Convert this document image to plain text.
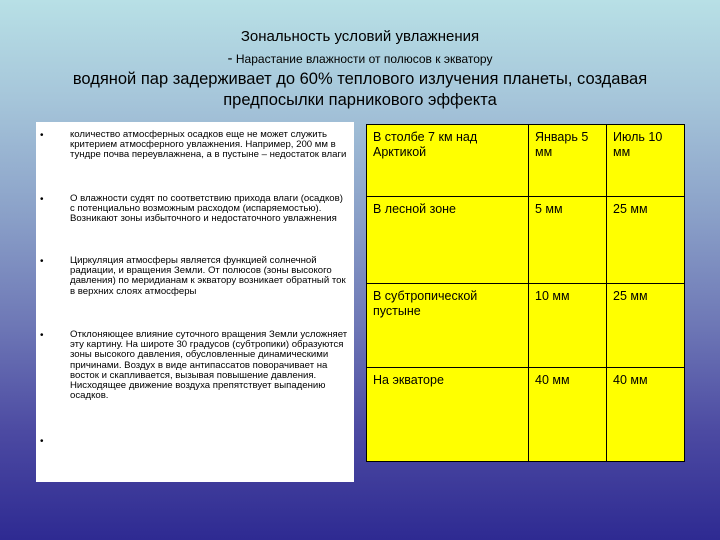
Зональность условий увлажнения
- Нарастание влажности от полюсов к экватору
водяной пар задерживает до 60% теплового излучения планеты, создавая предпосылки парникового эффекта
•	количество атмосферных осадков еще не может служить критерием атмосферного увлажнения. Например, 200 мм в тундре почва переувлажнена, а в пустыне – недостаток влаги
•	О влажности судят по соответствию прихода влаги (осадков) с потенциально возможным расходом (испаряемостью). Возникают зоны избыточного и недостаточного увлажнения
•	Циркуляция атмосферы является функцией солнечной радиации, и вращения Земли. От полюсов (зоны высокого давления) по меридианам к экватору возникает обратный ток в верхних слоях атмосферы
•	Отклоняющее влияние суточного вращения Земли усложняет эту картину. На широте 30 градусов (субтропики) образуются зоны высокого давления, обусловленные динамическими причинами. Воздух в виде антипассатов поворачивает на восток и скапливается, вызывая повышение давления. Нисходящее движение воздуха препятствует выпадению осадков.
•
В столбе 7 км над Арктикой	Январь 5 мм	Июль 10 мм
В лесной зоне	5 мм	25 мм
В субтропической пустыне	10 мм	25 мм
На экваторе	40 мм	40 мм
